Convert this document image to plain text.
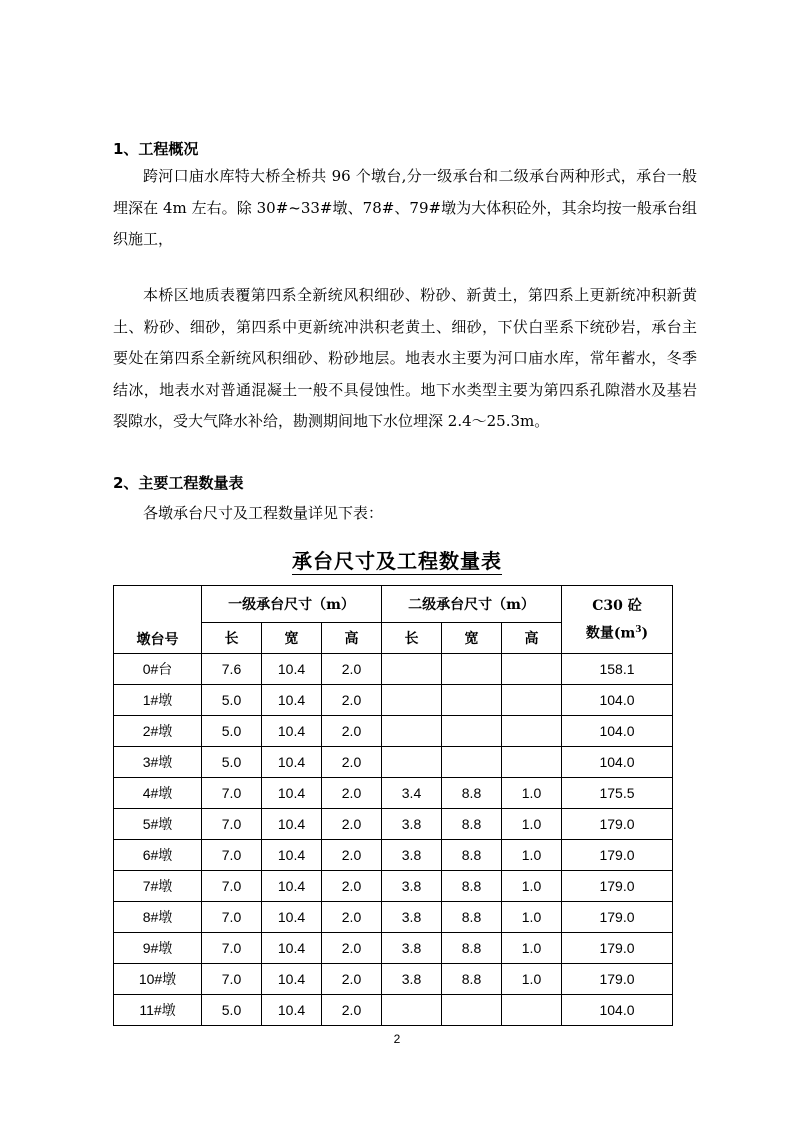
1、工程概况
跨河口庙水库特大桥全桥共 96 个墩台,分一级承台和二级承台两种形式，承台一般埋深在 4m 左右。除 30#~33#墩、78#、79#墩为大体积砼外，其余均按一般承台组织施工，
本桥区地质表覆第四系全新统风积细砂、粉砂、新黄土，第四系上更新统冲积新黄土、粉砂、细砂，第四系中更新统冲洪积老黄土、细砂，下伏白垩系下统砂岩，承台主要处在第四系全新统风积细砂、粉砂地层。地表水主要为河口庙水库，常年蓄水，冬季结冰，地表水对普通混凝土一般不具侵蚀性。地下水类型主要为第四系孔隙潜水及基岩裂隙水，受大气降水补给，勘测期间地下水位埋深 2.4～25.3m。
2、主要工程数量表
各墩承台尺寸及工程数量详见下表：
承台尺寸及工程数量表
墩台号	一级承台尺寸（m）			二级承台尺寸（m）			C30 砼
数量$(m^3)$

	长	宽	高	长	宽	高	
0#台	7.6	10.4	2.0				158.1
1#墩	5.0	10.4	2.0				104.0
2#墩	5.0	10.4	2.0				104.0
3#墩	5.0	10.4	2.0				104.0
4#墩	7.0	10.4	2.0	3.4	8.8	1.0	175.5
5#墩	7.0	10.4	2.0	3.8	8.8	1.0	179.0
6#墩	7.0	10.4	2.0	3.8	8.8	1.0	179.0
7#墩	7.0	10.4	2.0	3.8	8.8	1.0	179.0
8#墩	7.0	10.4	2.0	3.8	8.8	1.0	179.0
9#墩	7.0	10.4	2.0	3.8	8.8	1.0	179.0
10#墩	7.0	10.4	2.0	3.8	8.8	1.0	179.0
11#墩	5.0	10.4	2.0				104.0
2
